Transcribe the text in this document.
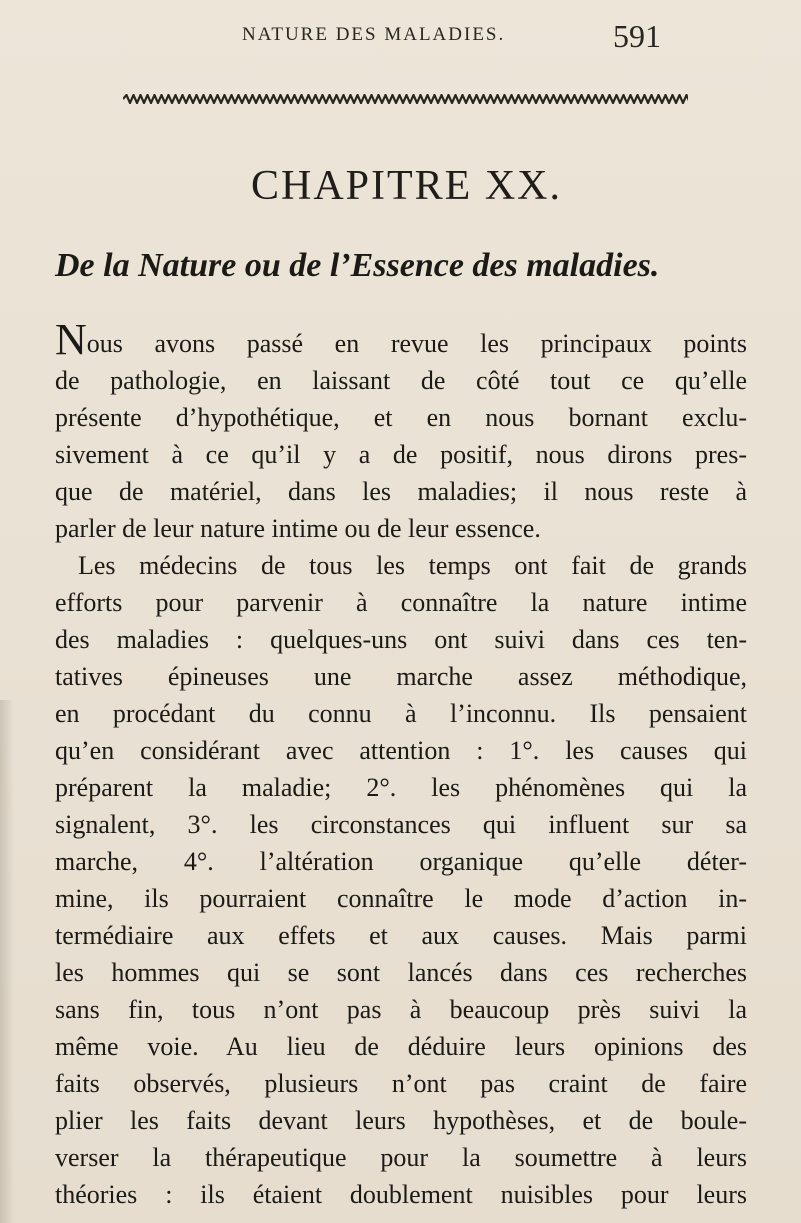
NATURE DES MALADIES.	591
CHAPITRE XX.
De la Nature ou de l’Essence des maladies.
Nous avons passé en revue les principaux points
de pathologie, en laissant de côté tout ce qu’elle
présente d’hypothétique, et en nous bornant exclu-
sivement à ce qu’il y a de positif, nous dirons pres-
que de matériel, dans les maladies; il nous reste à
parler de leur nature intime ou de leur essence.
Les médecins de tous les temps ont fait de grands
efforts pour parvenir à connaître la nature intime
des maladies : quelques-uns ont suivi dans ces ten-
tatives épineuses une marche assez méthodique,
en procédant du connu à l’inconnu. Ils pensaient
qu’en considérant avec attention : 1°. les causes qui
préparent la maladie; 2°. les phénomènes qui la
signalent, 3°. les circonstances qui influent sur sa
marche, 4°. l’altération organique qu’elle déter-
mine, ils pourraient connaître le mode d’action in-
termédiaire aux effets et aux causes. Mais parmi
les hommes qui se sont lancés dans ces recherches
sans fin, tous n’ont pas à beaucoup près suivi la
même voie. Au lieu de déduire leurs opinions des
faits observés, plusieurs n’ont pas craint de faire
plier les faits devant leurs hypothèses, et de boule-
verser la thérapeutique pour la soumettre à leurs
théories : ils étaient doublement nuisibles pour leurs
